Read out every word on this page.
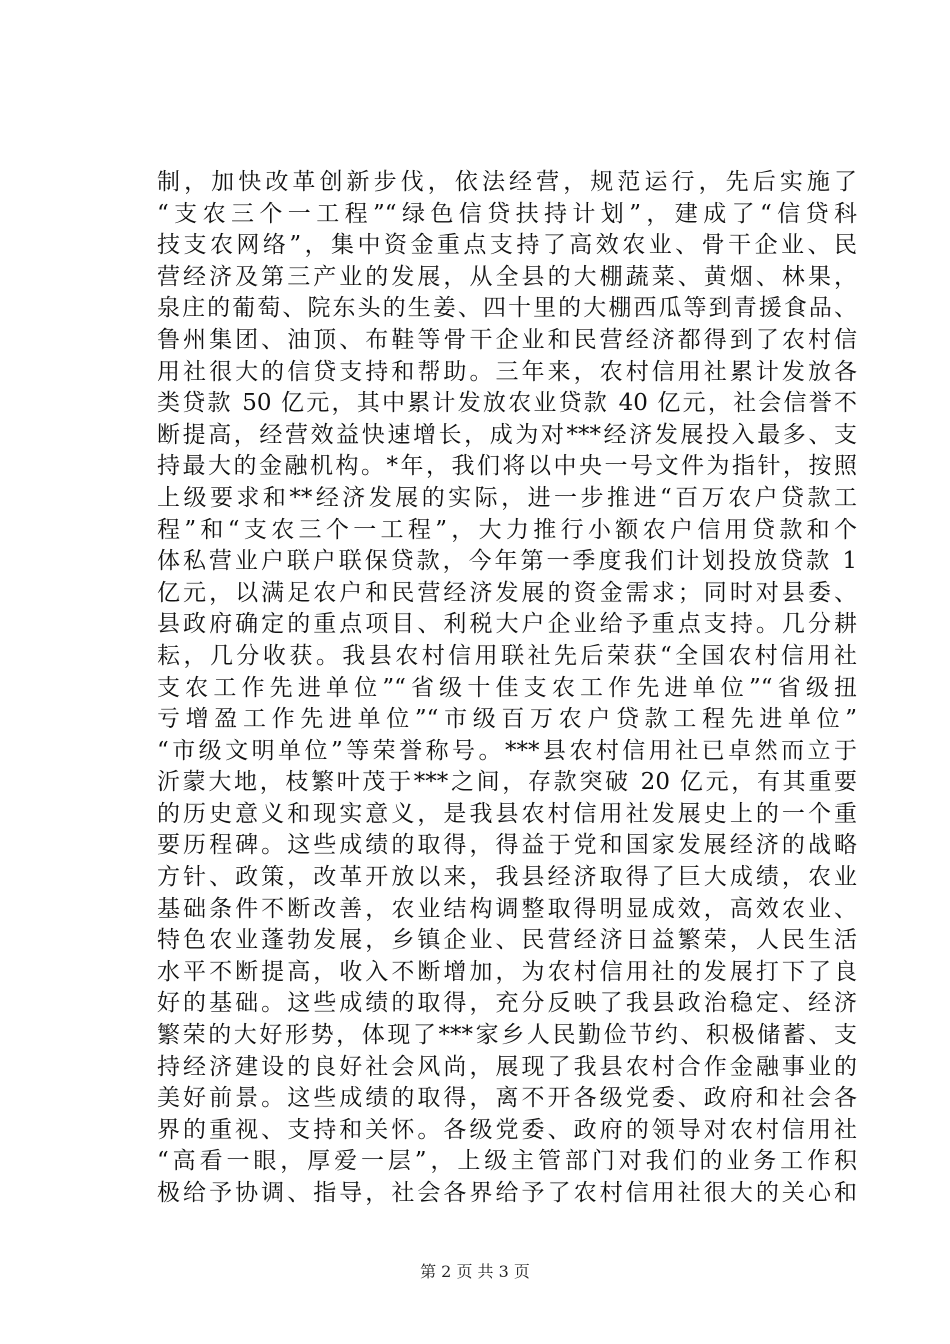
制，加快改革创新步伐，依法经营，规范运行，先后实施了
“支农三个一工程”“绿色信贷扶持计划”，建成了“信贷科
技支农网络”，集中资金重点支持了高效农业、骨干企业、民
营经济及第三产业的发展，从全县的大棚蔬菜、黄烟、林果，
泉庄的葡萄、院东头的生姜、四十里的大棚西瓜等到青援食品、
鲁州集团、油顶、布鞋等骨干企业和民营经济都得到了农村信
用社很大的信贷支持和帮助。三年来，农村信用社累计发放各
类贷款 50 亿元，其中累计发放农业贷款 40 亿元，社会信誉不
断提高，经营效益快速增长，成为对***经济发展投入最多、支
持最大的金融机构。*年，我们将以中央一号文件为指针，按照
上级要求和**经济发展的实际，进一步推进“百万农户贷款工
程”和“支农三个一工程”，大力推行小额农户信用贷款和个
体私营业户联户联保贷款，今年第一季度我们计划投放贷款 1
亿元，以满足农户和民营经济发展的资金需求；同时对县委、
县政府确定的重点项目、利税大户企业给予重点支持。几分耕
耘，几分收获。我县农村信用联社先后荣获“全国农村信用社
支农工作先进单位”“省级十佳支农工作先进单位”“省级扭
亏增盈工作先进单位”“市级百万农户贷款工程先进单位”
“市级文明单位”等荣誉称号。***县农村信用社已卓然而立于
沂蒙大地，枝繁叶茂于***之间，存款突破 20 亿元，有其重要
的历史意义和现实意义，是我县农村信用社发展史上的一个重
要历程碑。这些成绩的取得，得益于党和国家发展经济的战略
方针、政策，改革开放以来，我县经济取得了巨大成绩，农业
基础条件不断改善，农业结构调整取得明显成效，高效农业、
特色农业蓬勃发展，乡镇企业、民营经济日益繁荣，人民生活
水平不断提高，收入不断增加，为农村信用社的发展打下了良
好的基础。这些成绩的取得，充分反映了我县政治稳定、经济
繁荣的大好形势，体现了***家乡人民勤俭节约、积极储蓄、支
持经济建设的良好社会风尚，展现了我县农村合作金融事业的
美好前景。这些成绩的取得，离不开各级党委、政府和社会各
界的重视、支持和关怀。各级党委、政府的领导对农村信用社
“高看一眼，厚爱一层”，上级主管部门对我们的业务工作积
极给予协调、指导，社会各界给予了农村信用社很大的关心和
第 2 页 共 3 页
